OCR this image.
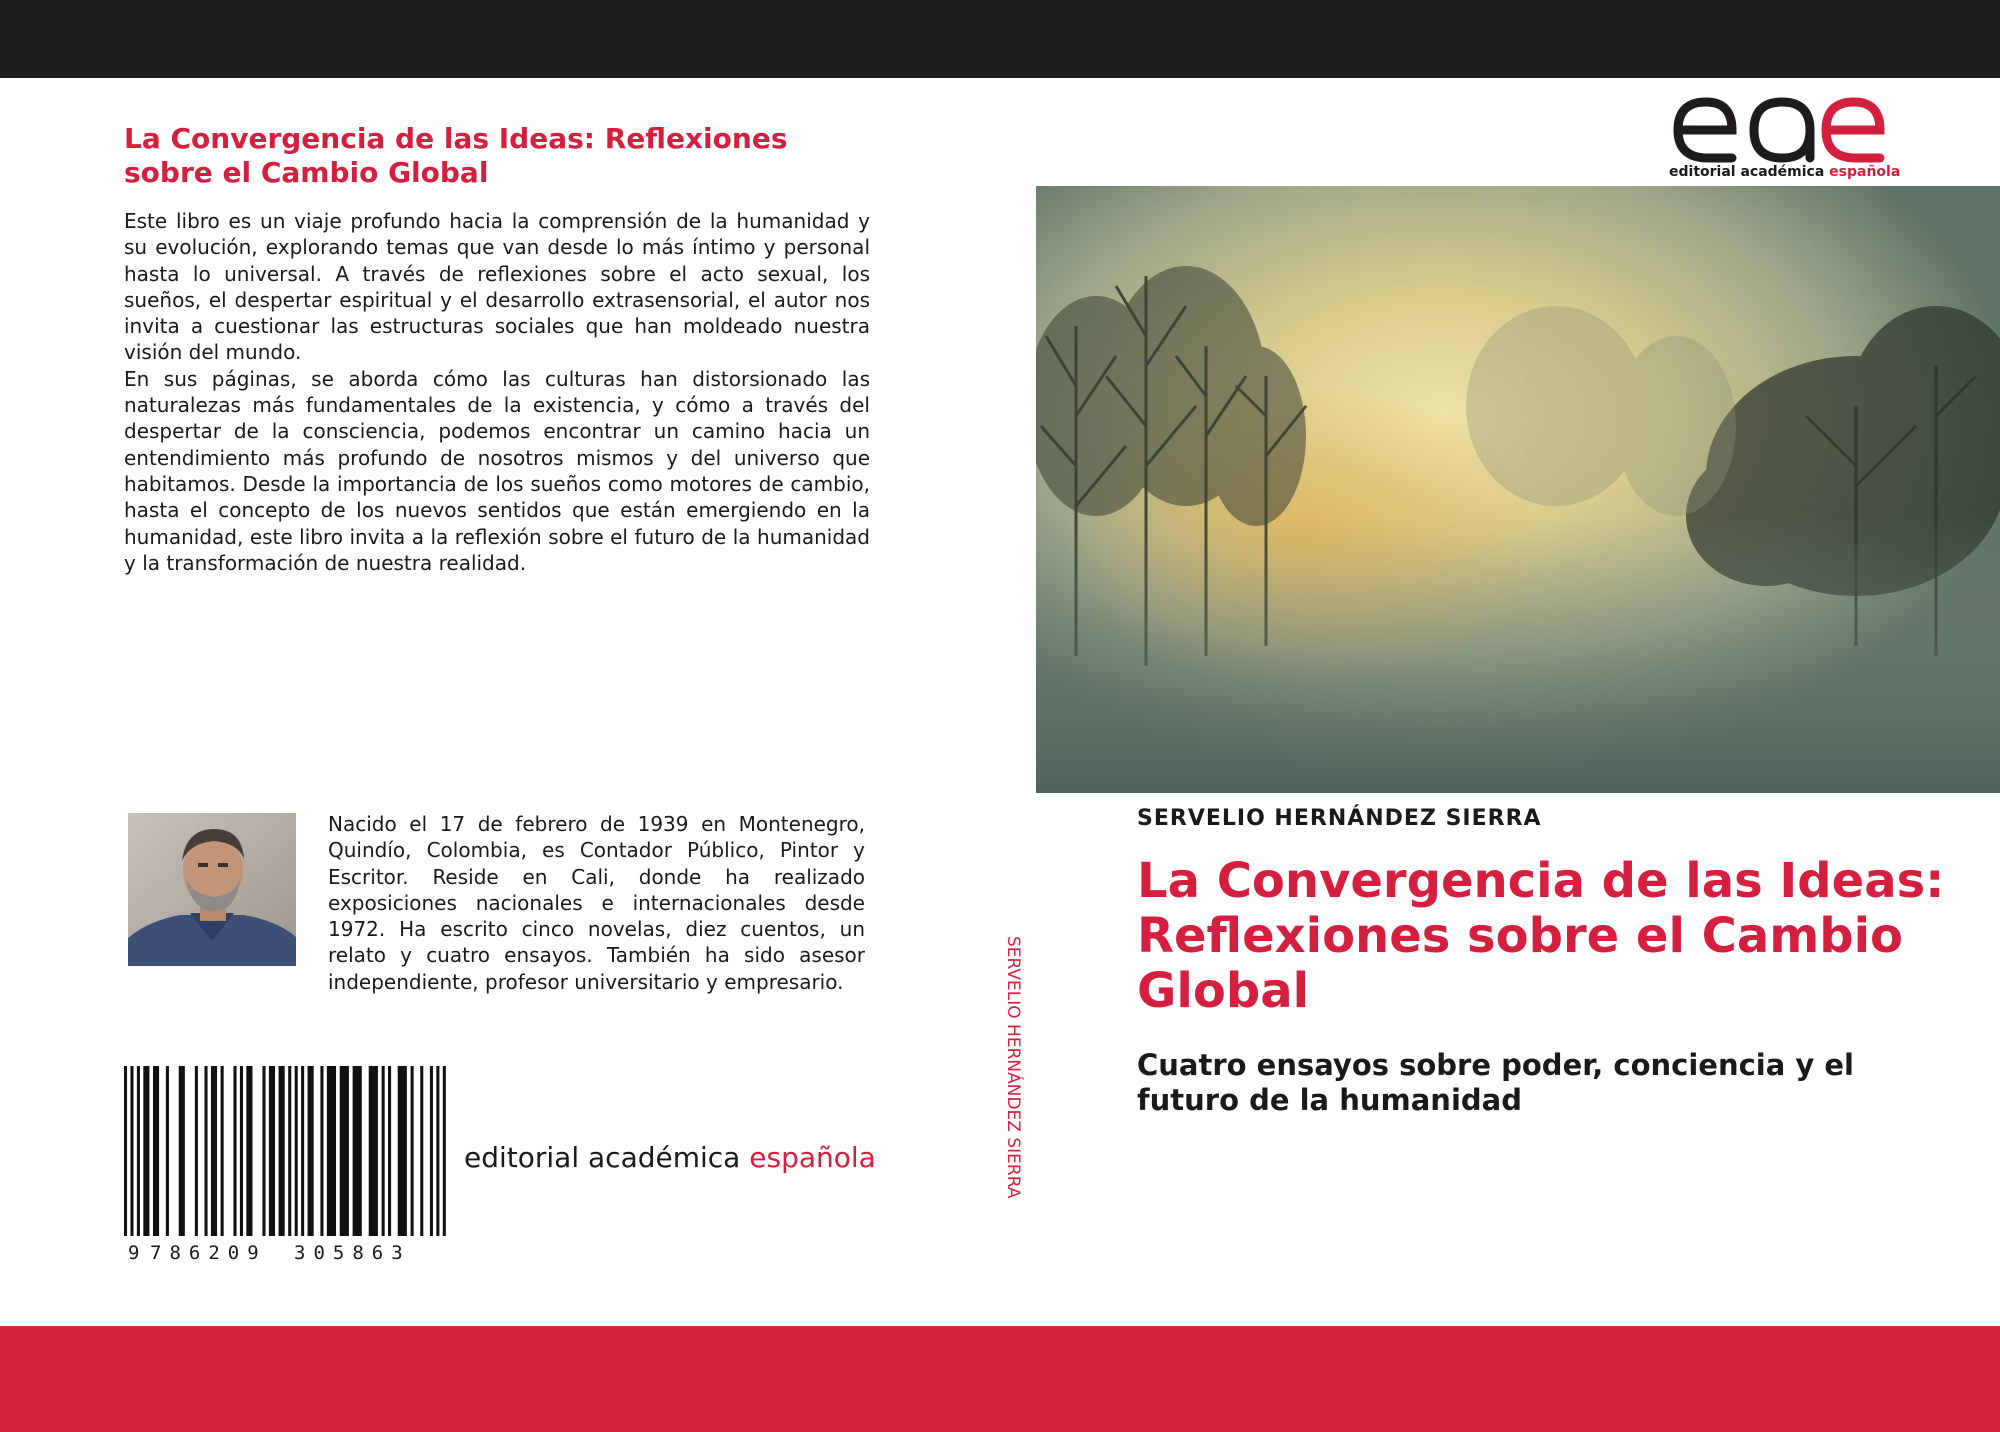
La Convergencia de las Ideas: Reflexiones sobre el Cambio Global

Este libro es un viaje profundo hacia la comprensión de la humanidad y su evolución, explorando temas que van desde lo más íntimo y personal hasta lo universal. A través de reflexiones sobre el acto sexual, los sueños, el despertar espiritual y el desarrollo extrasensorial, el autor nos invita a cuestionar las estructuras sociales que han moldeado nuestra visión del mundo.

En sus páginas, se aborda cómo las culturas han distorsionado las naturalezas más fundamentales de la existencia, y cómo a través del despertar de la consciencia, podemos encontrar un camino hacia un entendimiento más profundo de nosotros mismos y del universo que habitamos. Desde la importancia de los sueños como motores de cambio, hasta el concepto de los nuevos sentidos que están emergiendo en la humanidad, este libro invita a la reflexión sobre el futuro de la humanidad y la transformación de nuestra realidad.

Nacido el 17 de febrero de 1939 en Montenegro, Quindío, Colombia, es Contador Público, Pintor y Escritor. Reside en Cali, donde ha realizado exposiciones nacionales e internacionales desde 1972. Ha escrito cinco novelas, diez cuentos, un relato y cuatro ensayos. También ha sido asesor independiente, profesor universitario y empresario.

9 786209 305863
editorial académica española	SERVELIO HERNÁNDEZ SIERRA
editorial académica española
SERVELIO HERNÁNDEZ SIERRA
La Convergencia de las Ideas: Reflexiones sobre el Cambio Global
Cuatro ensayos sobre poder, conciencia y el futuro de la humanidad
